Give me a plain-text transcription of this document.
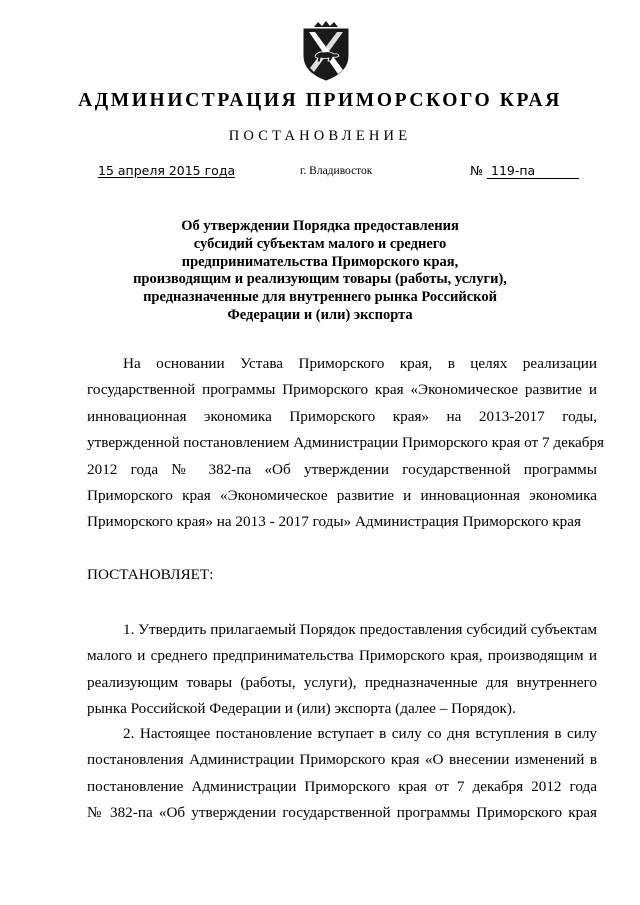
АДМИНИСТРАЦИЯ ПРИМОРСКОГО КРАЯ
ПОСТАНОВЛЕНИЕ
15 апреля 2015 года	г. Владивосток	№ 119-па
Об утверждении Порядка предоставления
субсидий субъектам малого и среднего
предпринимательства Приморского края,
производящим и реализующим товары (работы, услуги),
предназначенные для внутреннего рынка Российской
Федерации и (или) экспорта
На основании Устава Приморского края, в целях реализации
государственной программы Приморского края «Экономическое развитие и
инновационная экономика Приморского края» на 2013-2017 годы,
утвержденной постановлением Администрации Приморского края от 7 декабря
2012 года № 382-па «Об утверждении государственной программы
Приморского края «Экономическое развитие и инновационная экономика
Приморского края» на 2013 - 2017 годы» Администрация Приморского края
ПОСТАНОВЛЯЕТ:
1. Утвердить прилагаемый Порядок предоставления субсидий субъектам
малого и среднего предпринимательства Приморского края, производящим и
реализующим товары (работы, услуги), предназначенные для внутреннего
рынка Российской Федерации и (или) экспорта (далее – Порядок).
2. Настоящее постановление вступает в силу со дня вступления в силу
постановления Администрации Приморского края «О внесении изменений в
постановление Администрации Приморского края от 7 декабря 2012 года
№ 382-па «Об утверждении государственной программы Приморского края
